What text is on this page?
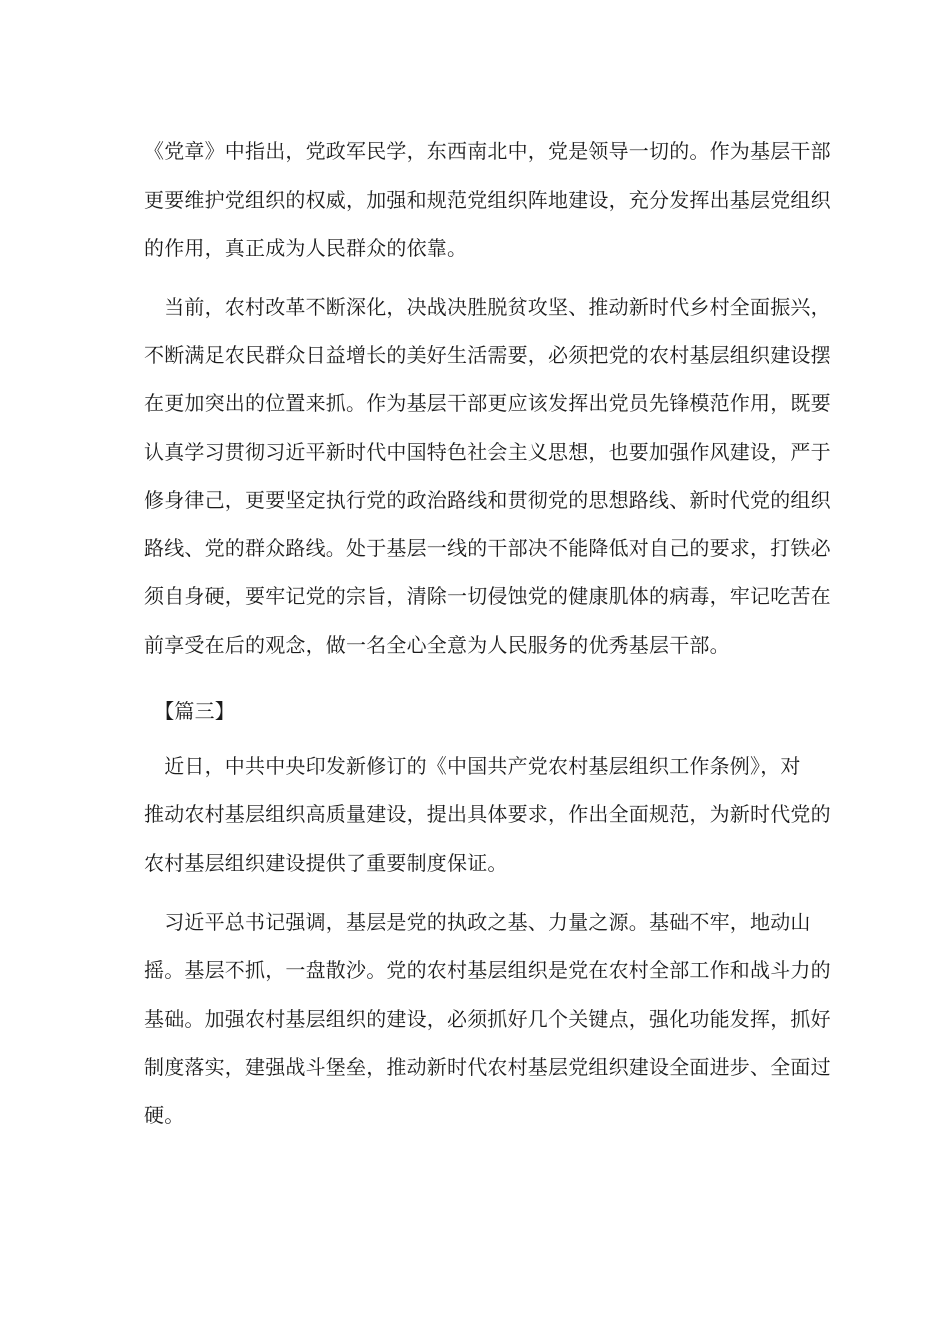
《党章》中指出，党政军民学，东西南北中，党是领导一切的。作为基层干部
更要维护党组织的权威，加强和规范党组织阵地建设，充分发挥出基层党组织
的作用，真正成为人民群众的依靠。
　当前，农村改革不断深化，决战决胜脱贫攻坚、推动新时代乡村全面振兴，
不断满足农民群众日益增长的美好生活需要，必须把党的农村基层组织建设摆
在更加突出的位置来抓。作为基层干部更应该发挥出党员先锋模范作用，既要
认真学习贯彻习近平新时代中国特色社会主义思想，也要加强作风建设，严于
修身律己，更要坚定执行党的政治路线和贯彻党的思想路线、新时代党的组织
路线、党的群众路线。处于基层一线的干部决不能降低对自己的要求，打铁必
须自身硬，要牢记党的宗旨，清除一切侵蚀党的健康肌体的病毒，牢记吃苦在
前享受在后的观念，做一名全心全意为人民服务的优秀基层干部。
　【篇三】
　近日，中共中央印发新修订的《中国共产党农村基层组织工作条例》，对
推动农村基层组织高质量建设，提出具体要求，作出全面规范，为新时代党的
农村基层组织建设提供了重要制度保证。
　习近平总书记强调，基层是党的执政之基、力量之源。基础不牢，地动山
摇。基层不抓，一盘散沙。党的农村基层组织是党在农村全部工作和战斗力的
基础。加强农村基层组织的建设，必须抓好几个关键点，强化功能发挥，抓好
制度落实，建强战斗堡垒，推动新时代农村基层党组织建设全面进步、全面过
硬。
